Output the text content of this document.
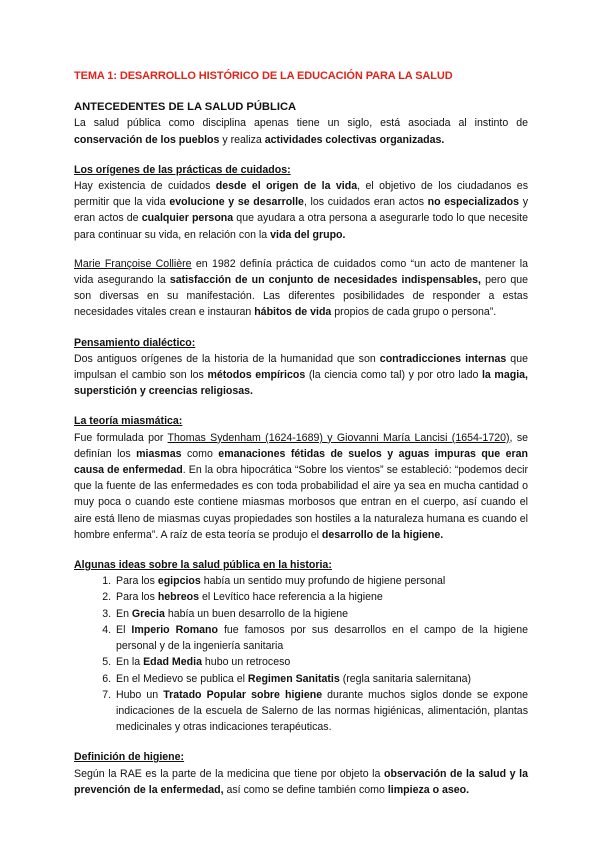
TEMA 1: DESARROLLO HISTÓRICO DE LA EDUCACIÓN PARA LA SALUD
ANTECEDENTES DE LA SALUD PÚBLICA

La salud pública como disciplina apenas tiene un siglo, está asociada al instinto de conservación de los pueblos y realiza actividades colectivas organizadas.

Los orígenes de las prácticas de cuidados:

Hay existencia de cuidados desde el origen de la vida, el objetivo de los ciudadanos es permitir que la vida evolucione y se desarrolle, los cuidados eran actos no especializados y eran actos de cualquier persona que ayudara a otra persona a asegurarle todo lo que necesite para continuar su vida, en relación con la vida del grupo.

Marie Françoise Collière en 1982 definía práctica de cuidados como “un acto de mantener la vida asegurando la satisfacción de un conjunto de necesidades indispensables, pero que son diversas en su manifestación. Las diferentes posibilidades de responder a estas necesidades vitales crean e instauran hábitos de vida propios de cada grupo o persona”.

Pensamiento dialéctico:

Dos antiguos orígenes de la historia de la humanidad que son contradicciones internas que impulsan el cambio son los métodos empíricos (la ciencia como tal) y por otro lado la magia, superstición y creencias religiosas.

La teoría miasmática:

Fue formulada por Thomas Sydenham (1624-1689) y Giovanni María Lancisi (1654-1720), se definían los miasmas como emanaciones fétidas de suelos y aguas impuras que eran causa de enfermedad. En la obra hipocrática “Sobre los vientos” se estableció: “podemos decir que la fuente de las enfermedades es con toda probabilidad el aire ya sea en mucha cantidad o muy poca o cuando este contiene miasmas morbosos que entran en el cuerpo, así cuando el aire está lleno de miasmas cuyas propiedades son hostiles a la naturaleza humana es cuando el hombre enferma”. A raíz de esta teoría se produjo el desarrollo de la higiene.

Algunas ideas sobre la salud pública en la historia:
1. Para los egipcios había un sentido muy profundo de higiene personal
2. Para los hebreos el Levítico hace referencia a la higiene
3. En Grecia había un buen desarrollo de la higiene
4. El Imperio Romano fue famosos por sus desarrollos en el campo de la higiene personal y de la ingeniería sanitaria
5. En la Edad Media hubo un retroceso
6. En el Medievo se publica el Regimen Sanitatis (regla sanitaria salernitana)
7. Hubo un Tratado Popular sobre higiene durante muchos siglos donde se expone indicaciones de la escuela de Salerno de las normas higiénicas, alimentación, plantas medicinales y otras indicaciones terapéuticas.
Definición de higiene:

Según la RAE es la parte de la medicina que tiene por objeto la observación de la salud y la prevención de la enfermedad, así como se define también como limpieza o aseo.
